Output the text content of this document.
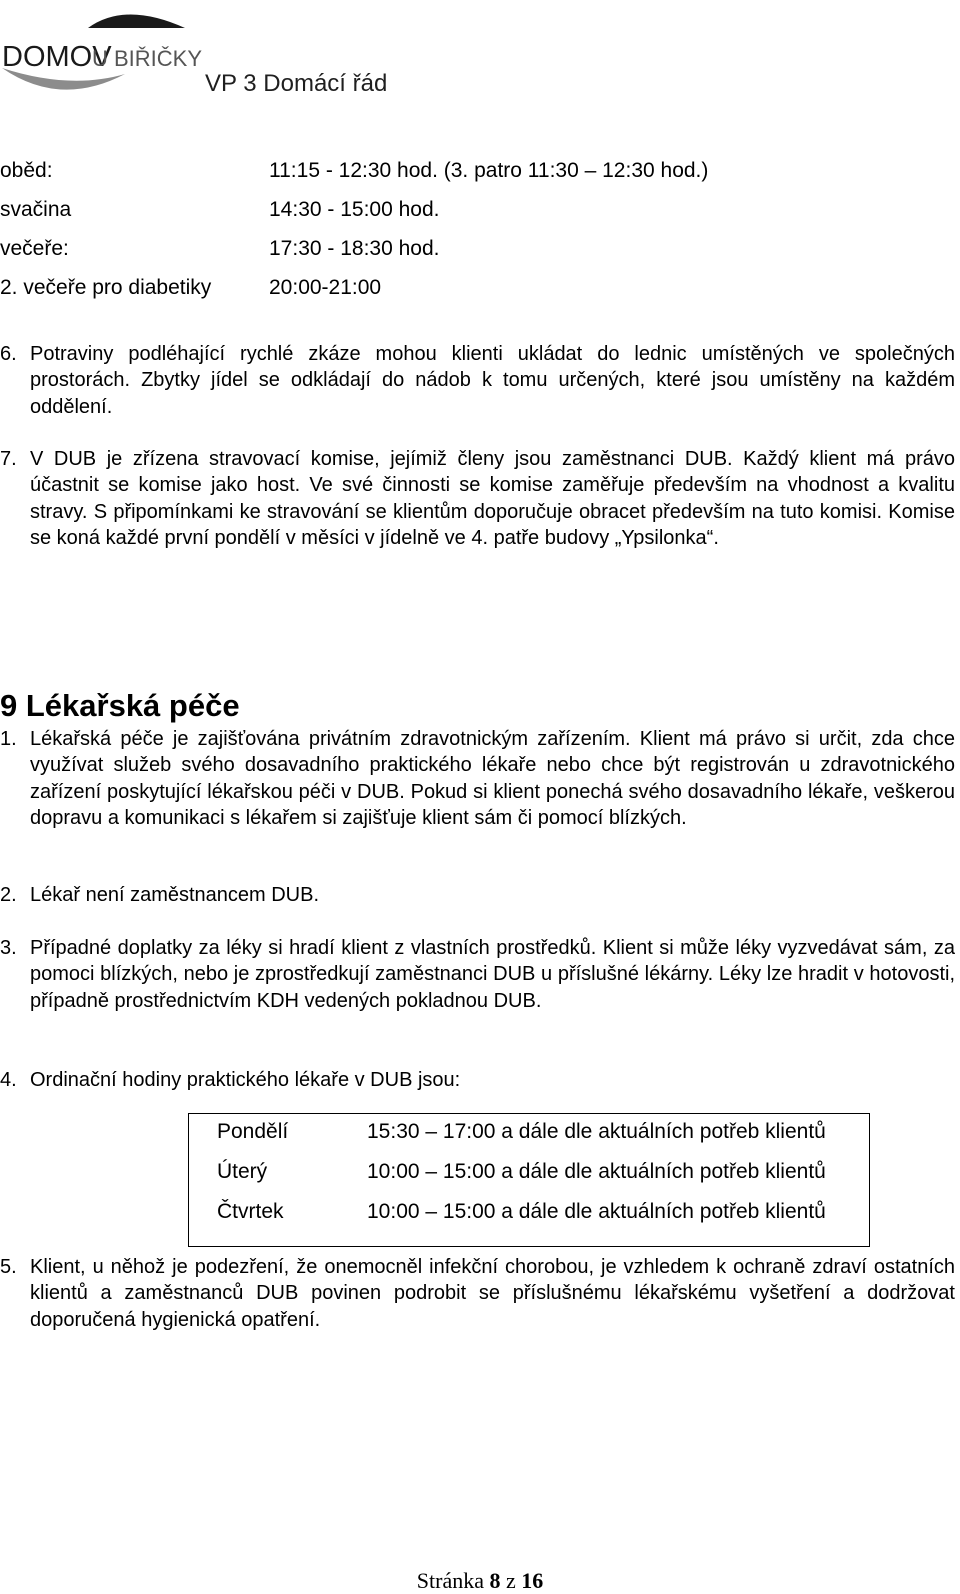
DOMOV
U BIŘIČKY
VP 3 Domácí řád
oběd:	11:15 - 12:30 hod. (3. patro 11:30 – 12:30 hod.)
svačina	14:30 - 15:00 hod.
večeře:	17:30 - 18:30 hod.
2. večeře pro diabetiky	20:00-21:00
6. Potraviny podléhající rychlé zkáze mohou klienti ukládat do lednic umístěných ve společných prostorách. Zbytky jídel se odkládají do nádob k tomu určených, které jsou umístěny na každém oddělení.
7. V DUB je zřízena stravovací komise, jejímiž členy jsou zaměstnanci DUB. Každý klient má právo účastnit se komise jako host. Ve své činnosti se komise zaměřuje především na vhodnost a kvalitu stravy. S připomínkami ke stravování se klientům doporučuje obracet především na tuto komisi. Komise se koná každé první pondělí v měsíci v jídelně ve 4. patře budovy „Ypsilonka“.
9 Lékařská péče
1. Lékařská péče je zajišťována privátním zdravotnickým zařízením. Klient má právo si určit, zda chce využívat služeb svého dosavadního praktického lékaře nebo chce být registrován u zdravotnického zařízení poskytující lékařskou péči v DUB. Pokud si klient ponechá svého dosavadního lékaře, veškerou dopravu a komunikaci s lékařem si zajišťuje klient sám či pomocí blízkých.
2. Lékař není zaměstnancem DUB.
3. Případné doplatky za léky si hradí klient z vlastních prostředků. Klient si může léky vyzvedávat sám, za pomoci blízkých, nebo je zprostředkují zaměstnanci DUB u příslušné lékárny. Léky lze hradit v hotovosti, případně prostřednictvím KDH vedených pokladnou DUB.
4. Ordinační hodiny praktického lékaře v DUB jsou:
Pondělí	15:30 – 17:00 a dále dle aktuálních potřeb klientů
Úterý	10:00 – 15:00 a dále dle aktuálních potřeb klientů
Čtvrtek	10:00 – 15:00 a dále dle aktuálních potřeb klientů
5. Klient, u něhož je podezření, že onemocněl infekční chorobou, je vzhledem k ochraně zdraví ostatních klientů a zaměstnanců DUB povinen podrobit se příslušnému lékařskému vyšetření a dodržovat doporučená hygienická opatření.
Stránka 8 z 16
